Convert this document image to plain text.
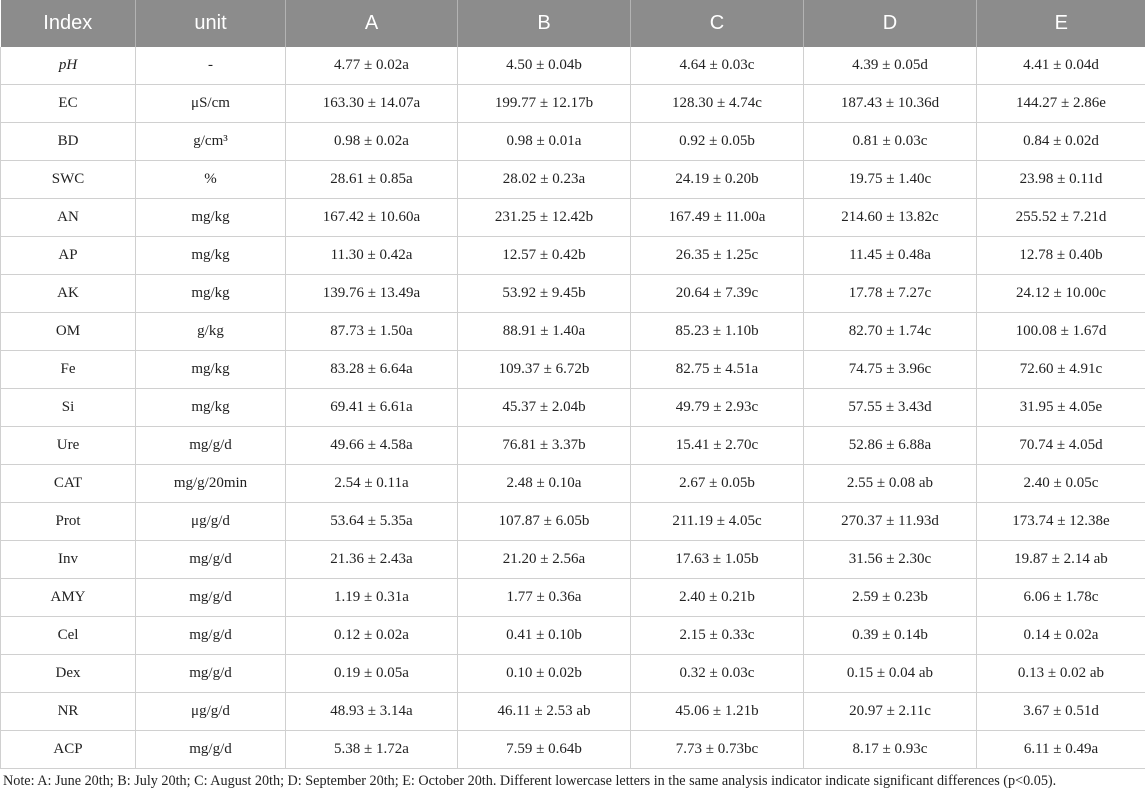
Index	unit	A	B	C	D	E
pH	-	4.77 ± 0.02a	4.50 ± 0.04b	4.64 ± 0.03c	4.39 ± 0.05d	4.41 ± 0.04d
EC	μS/cm	163.30 ± 14.07a	199.77 ± 12.17b	128.30 ± 4.74c	187.43 ± 10.36d	144.27 ± 2.86e
BD	g/cm³	0.98 ± 0.02a	0.98 ± 0.01a	0.92 ± 0.05b	0.81 ± 0.03c	0.84 ± 0.02d
SWC	%	28.61 ± 0.85a	28.02 ± 0.23a	24.19 ± 0.20b	19.75 ± 1.40c	23.98 ± 0.11d
AN	mg/kg	167.42 ± 10.60a	231.25 ± 12.42b	167.49 ± 11.00a	214.60 ± 13.82c	255.52 ± 7.21d
AP	mg/kg	11.30 ± 0.42a	12.57 ± 0.42b	26.35 ± 1.25c	11.45 ± 0.48a	12.78 ± 0.40b
AK	mg/kg	139.76 ± 13.49a	53.92 ± 9.45b	20.64 ± 7.39c	17.78 ± 7.27c	24.12 ± 10.00c
OM	g/kg	87.73 ± 1.50a	88.91 ± 1.40a	85.23 ± 1.10b	82.70 ± 1.74c	100.08 ± 1.67d
Fe	mg/kg	83.28 ± 6.64a	109.37 ± 6.72b	82.75 ± 4.51a	74.75 ± 3.96c	72.60 ± 4.91c
Si	mg/kg	69.41 ± 6.61a	45.37 ± 2.04b	49.79 ± 2.93c	57.55 ± 3.43d	31.95 ± 4.05e
Ure	mg/g/d	49.66 ± 4.58a	76.81 ± 3.37b	15.41 ± 2.70c	52.86 ± 6.88a	70.74 ± 4.05d
CAT	mg/g/20min	2.54 ± 0.11a	2.48 ± 0.10a	2.67 ± 0.05b	2.55 ± 0.08 ab	2.40 ± 0.05c
Prot	μg/g/d	53.64 ± 5.35a	107.87 ± 6.05b	211.19 ± 4.05c	270.37 ± 11.93d	173.74 ± 12.38e
Inv	mg/g/d	21.36 ± 2.43a	21.20 ± 2.56a	17.63 ± 1.05b	31.56 ± 2.30c	19.87 ± 2.14 ab
AMY	mg/g/d	1.19 ± 0.31a	1.77 ± 0.36a	2.40 ± 0.21b	2.59 ± 0.23b	6.06 ± 1.78c
Cel	mg/g/d	0.12 ± 0.02a	0.41 ± 0.10b	2.15 ± 0.33c	0.39 ± 0.14b	0.14 ± 0.02a
Dex	mg/g/d	0.19 ± 0.05a	0.10 ± 0.02b	0.32 ± 0.03c	0.15 ± 0.04 ab	0.13 ± 0.02 ab
NR	μg/g/d	48.93 ± 3.14a	46.11 ± 2.53 ab	45.06 ± 1.21b	20.97 ± 2.11c	3.67 ± 0.51d
ACP	mg/g/d	5.38 ± 1.72a	7.59 ± 0.64b	7.73 ± 0.73bc	8.17 ± 0.93c	6.11 ± 0.49a

Note: A: June 20th; B: July 20th; C: August 20th; D: September 20th; E: October 20th. Different lowercase letters in the same analysis indicator indicate significant differences (p<0.05).
